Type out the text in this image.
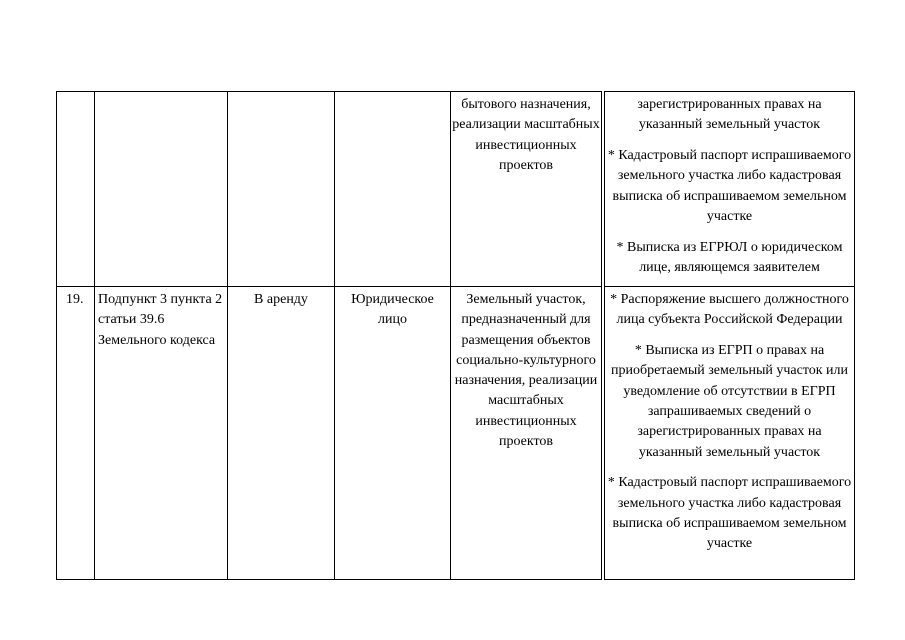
бытового назначения, реализации масштабных инвестиционных проектов

зарегистрированных правах на указанный земельный участок

* Кадастровый паспорт испрашиваемого земельного участка либо кадастровая выписка об испрашиваемом земельном участке

* Выписка из ЕГРЮЛ о юридическом лице, являющемся заявителем

19.	Подпункт 3 пункта 2 статьи 39.6 Земельного кодекса
В аренду	Юридическое лицо
Земельный участок, предназначенный для размещения объектов социально-культурного назначения, реализации масштабных инвестиционных проектов

* Распоряжение высшего должностного лица субъекта Российской Федерации

* Выписка из ЕГРП о правах на приобретаемый земельный участок или уведомление об отсутствии в ЕГРП запрашиваемых сведений о зарегистрированных правах на указанный земельный участок

* Кадастровый паспорт испрашиваемого земельного участка либо кадастровая выписка об испрашиваемом земельном участке
